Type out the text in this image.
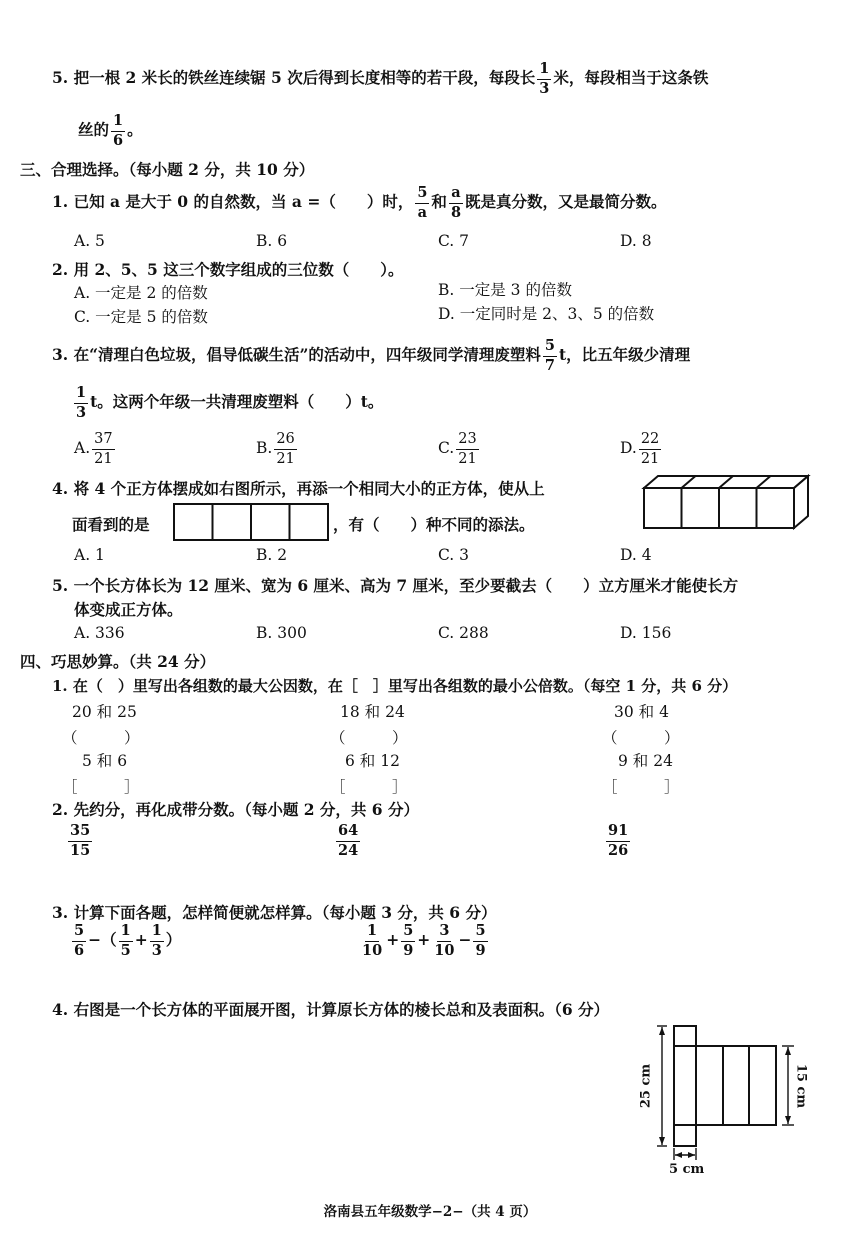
5. 把一根 2 米长的铁丝连续锯 5 次后得到长度相等的若干段，每段长 $\frac{1}{3}$ 米，每段相当于这条铁
丝的 $\frac{1}{6}$ 。
三、合理选择。（每小题 2 分，共 10 分）
1. 已知 a 是大于 0 的自然数，当 a =（　　）时， $\frac{5}{a}$ 和 $\frac{a}{8}$ 既是真分数，又是最简分数。
A. 5	B. 6	C. 7	D. 8
2. 用 2、5、5 这三个数字组成的三位数（　　）。
A. 一定是 2 的倍数	B. 一定是 3 的倍数
C. 一定是 5 的倍数	D. 一定同时是 2、3、5 的倍数
3. 在“清理白色垃圾，倡导低碳生活”的活动中，四年级同学清理废塑料 $\frac{5}{7}$ t，比五年级少清理
$\frac{1}{3}$ t。这两个年级一共清理废塑料（　　）t。
A. $\frac{37}{21}$	B. $\frac{26}{21}$	C. $\frac{23}{21}$	D. $\frac{22}{21}$
4. 将 4 个正方体摆成如右图所示，再添一个相同大小的正方体，使从上
面看到的是	，有（　　）种不同的添法。
A. 1	B. 2	C. 3	D. 4
5. 一个长方体长为 12 厘米、宽为 6 厘米、高为 7 厘米，至少要截去（　　）立方厘米才能使长方
体变成正方体。
A. 336	B. 300	C. 288	D. 156
四、巧思妙算。（共 24 分）
1. 在（　）里写出各组数的最大公因数，在［　］里写出各组数的最小公倍数。（每空 1 分，共 6 分）
20 和 25	18 和 24	30 和 4
（　　　）	（　　　）	（　　　）
5 和 6	6 和 12	9 和 24
［　　　］	［　　　］	［　　　］
2. 先约分，再化成带分数。（每小题 2 分，共 6 分）
$\frac{35}{15}$	$\frac{64}{24}$	$\frac{91}{26}$
3. 计算下面各题，怎样简便就怎样算。（每小题 3 分，共 6 分）
$\frac{5}{6}$ −（ $\frac{1}{5} + \frac{1}{3}$ ）	$\frac{1}{10} + \frac{5}{9} + \frac{3}{10} - \frac{5}{9}$
4. 右图是一个长方体的平面展开图，计算原长方体的棱长总和及表面积。（6 分）
25 cm	15 cm
5 cm
洛南县五年级数学−2−（共 4 页）
